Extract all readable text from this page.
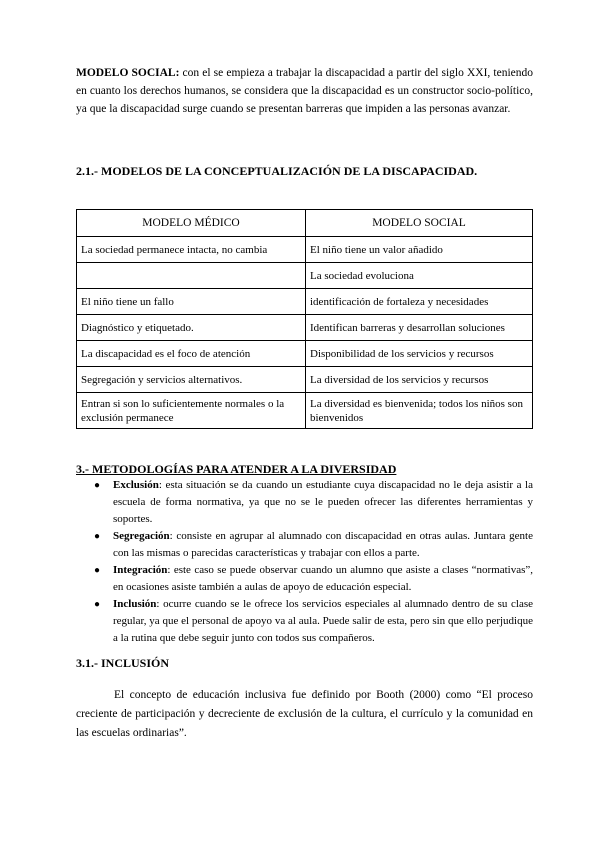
MODELO SOCIAL: con el se empieza a trabajar la discapacidad a partir del siglo XXI, teniendo en cuanto los derechos humanos, se considera que la discapacidad es un constructor socio-político, ya que la discapacidad surge cuando se presentan barreras que impiden a las personas avanzar.

2.1.- MODELOS DE LA CONCEPTUALIZACIÓN DE LA DISCAPACIDAD.

MODELO MÉDICO	MODELO SOCIAL
La sociedad permanece intacta, no cambia	El niño tiene un valor añadido
	La sociedad evoluciona
El niño tiene un fallo	identificación de fortaleza y necesidades
Diagnóstico y etiquetado.	Identifican barreras y desarrollan soluciones
La discapacidad es el foco de atención	Disponibilidad de los servicios y recursos
Segregación y servicios alternativos.	La diversidad de los servicios y recursos
Entran si son lo suficientemente normales o la exclusión permanece	La diversidad es bienvenida; todos los niños son bienvenidos

3.- METODOLOGÍAS PARA ATENDER A LA DIVERSIDAD

● Exclusión: esta situación se da cuando un estudiante cuya discapacidad no le deja asistir a la escuela de forma normativa, ya que no se le pueden ofrecer las diferentes herramientas y soportes.
● Segregación: consiste en agrupar al alumnado con discapacidad en otras aulas. Juntara gente con las mismas o parecidas características y trabajar con ellos a parte.
● Integración: este caso se puede observar cuando un alumno que asiste a clases “normativas”, en ocasiones asiste también a aulas de apoyo de educación especial.
● Inclusión: ocurre cuando se le ofrece los servicios especiales al alumnado dentro de su clase regular, ya que el personal de apoyo va al aula. Puede salir de esta, pero sin que ello perjudique a la rutina que debe seguir junto con todos sus compañeros.

3.1.- INCLUSIÓN

El concepto de educación inclusiva fue definido por Booth (2000) como “El proceso creciente de participación y decreciente de exclusión de la cultura, el currículo y la comunidad en las escuelas ordinarias”.
